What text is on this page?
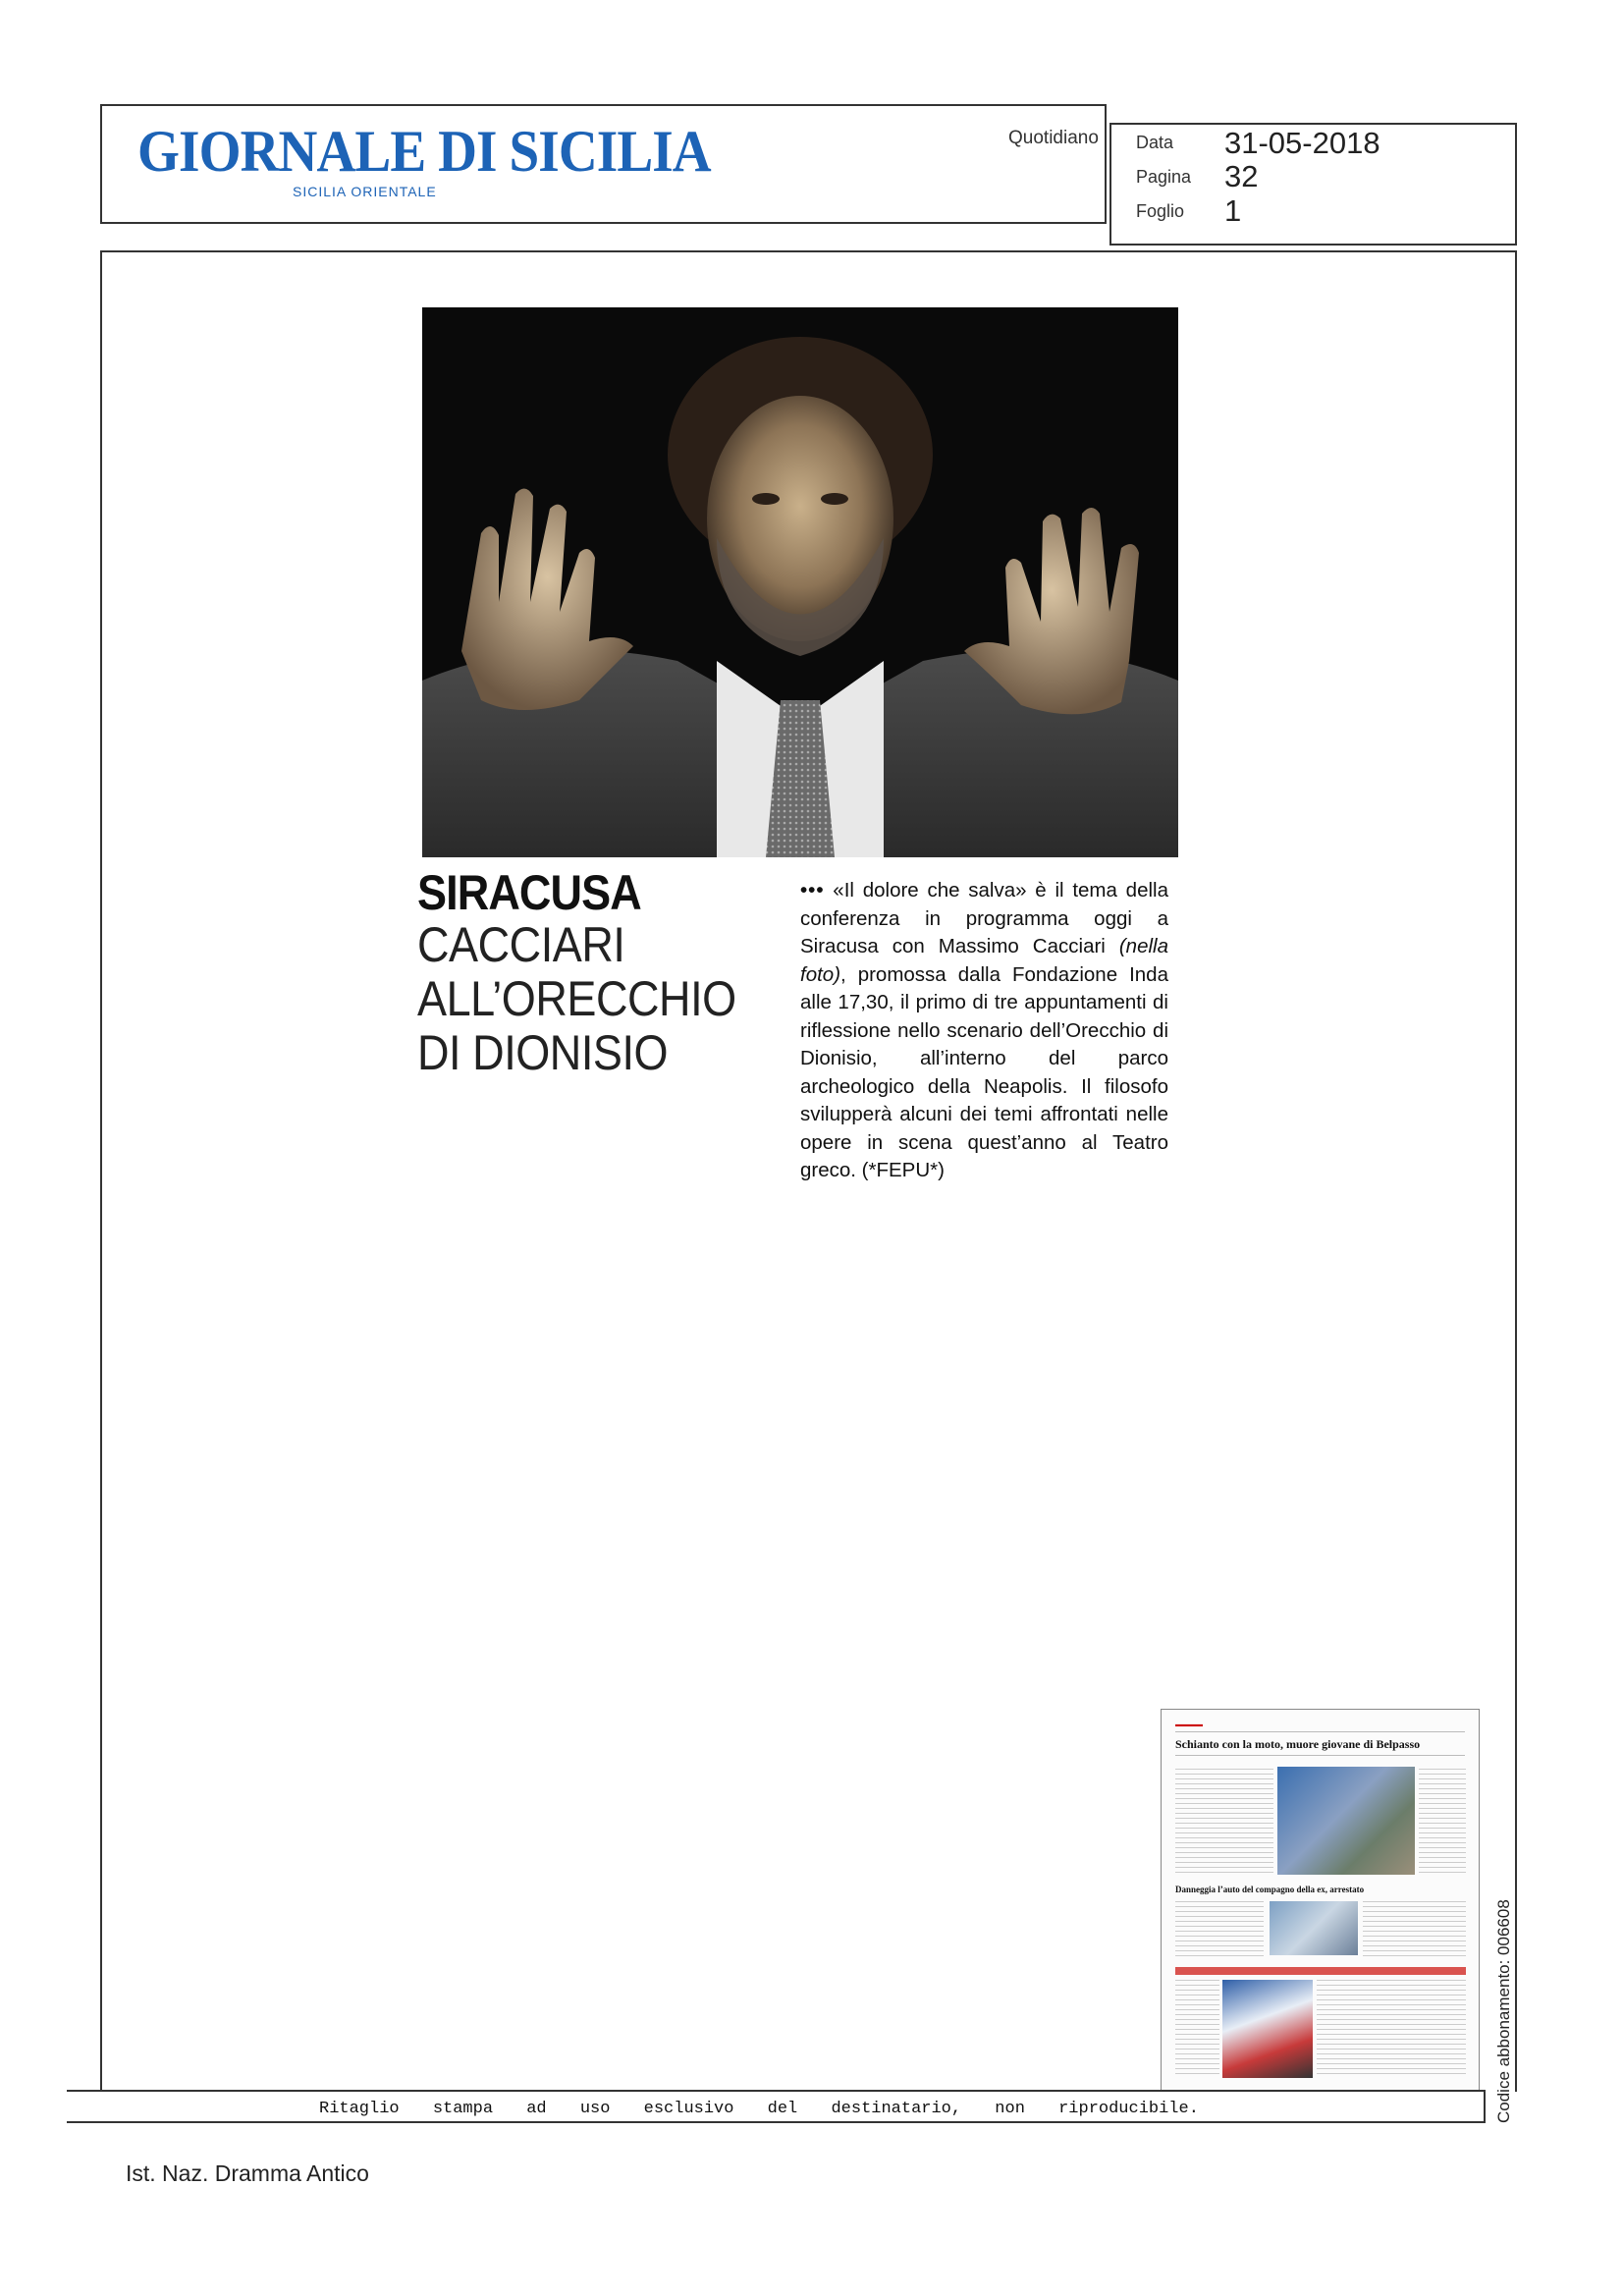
GIORNALE DI SICILIA
SICILIA ORIENTALE
Quotidiano Data 31-05-2018
Pagina 32
Foglio 1
SIRACUSA
CACCIARI
ALL’ORECCHIO
DI DIONISIO
••• «Il dolore che salva» è il tema della conferenza in programma oggi a Siracusa con Massimo Cacciari (nella foto), promossa dalla Fondazione Inda alle 17,30, il primo di tre appuntamenti di riflessione nello scenario dell’Orecchio di Dionisio, all’interno del parco archeologico della Neapolis. Il filosofo svilupperà alcuni dei temi affrontati nelle opere in scena quest’anno al Teatro greco. (*FEPU*)
▬▬▬▬
Schianto con la moto, muore giovane di Belpasso
Danneggia l’auto del compagno della ex, arrestato
Ritaglio stampa ad uso esclusivo del destinatario, non riproducibile.	Codice abbonamento: 006608
Ist. Naz. Dramma Antico
